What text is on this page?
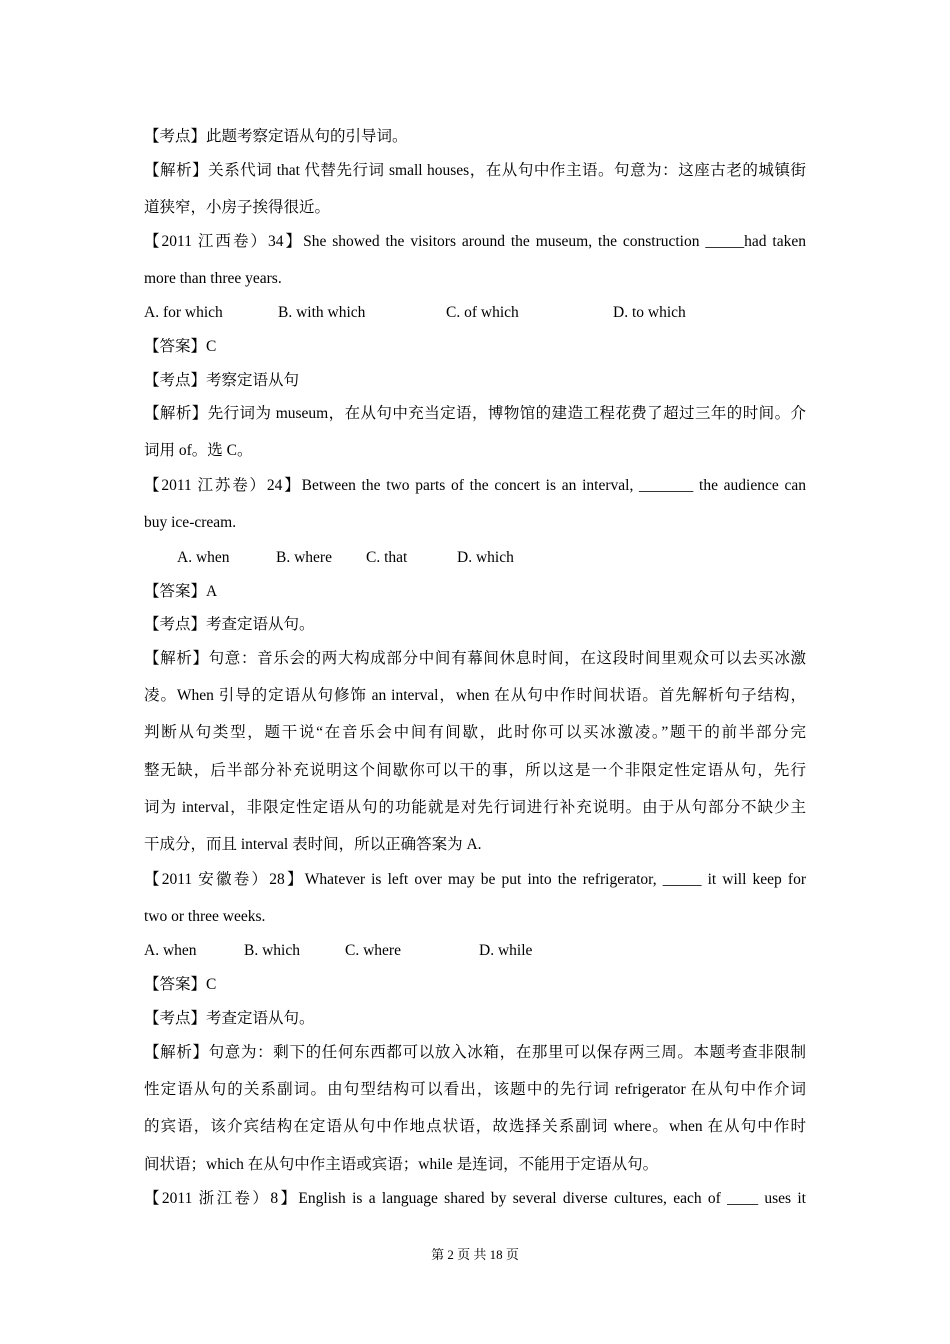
【考点】此题考察定语从句的引导词。
【解析】关系代词 that 代替先行词 small houses，在从句中作主语。句意为：这座古老的城镇街
道狭窄，小房子挨得很近。
【2011 江西卷）34】She showed the visitors around the museum, the construction _____had taken
more than three years.
A. for which	B. with which	C. of which	D. to which
【答案】C
【考点】考察定语从句
【解析】先行词为 museum，在从句中充当定语，博物馆的建造工程花费了超过三年的时间。介
词用 of。选 C。
【2011 江苏卷）24】Between the two parts of the concert is an interval, _______ the audience can
buy ice-cream.
A. when	B. where C. that	D. which
【答案】A
【考点】考查定语从句。
【解析】句意：音乐会的两大构成部分中间有幕间休息时间，在这段时间里观众可以去买冰激
凌。When 引导的定语从句修饰 an interval，when 在从句中作时间状语。首先解析句子结构，
判断从句类型，题干说“在音乐会中间有间歇，此时你可以买冰激凌。”题干的前半部分完
整无缺，后半部分补充说明这个间歇你可以干的事，所以这是一个非限定性定语从句，先行
词为 interval，非限定性定语从句的功能就是对先行词进行补充说明。由于从句部分不缺少主
干成分，而且 interval 表时间，所以正确答案为 A.
【2011 安徽卷）28】Whatever is left over may be put into the refrigerator, _____ it will keep for
two or three weeks.
A. when	B. which	C. where	D. while
【答案】C
【考点】考查定语从句。
【解析】句意为：剩下的任何东西都可以放入冰箱，在那里可以保存两三周。本题考查非限制
性定语从句的关系副词。由句型结构可以看出，该题中的先行词 refrigerator 在从句中作介词
的宾语，该介宾结构在定语从句中作地点状语，故选择关系副词 where。when 在从句中作时
间状语；which 在从句中作主语或宾语；while 是连词，不能用于定语从句。
【2011 浙江卷）8】English is a language shared by several diverse cultures, each of ____ uses it
第 2 页 共 18 页
